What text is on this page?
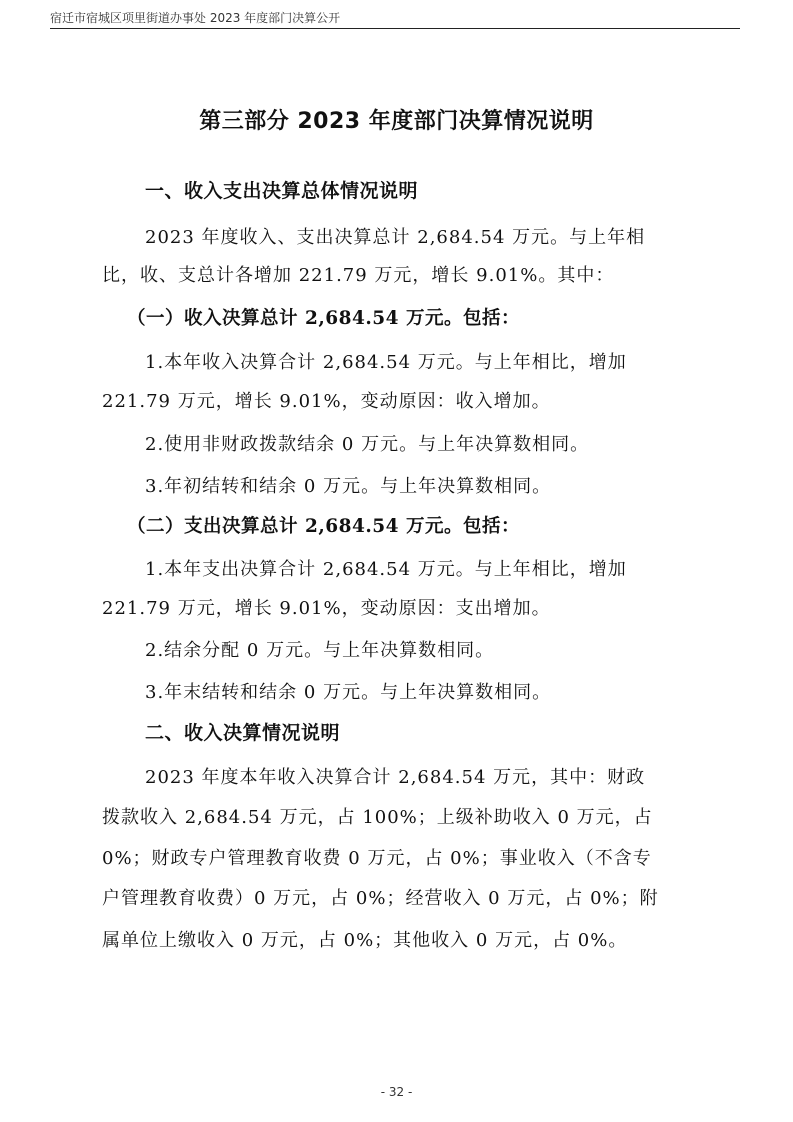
宿迁市宿城区项里街道办事处 2023 年度部门决算公开
第三部分 2023 年度部门决算情况说明

一、收入支出决算总体情况说明

2023 年度收入、支出决算总计 2,684.54 万元。与上年相

比，收、支总计各增加 221.79 万元，增长 9.01%。其中：

（一）收入决算总计 2,684.54 万元。包括：

1.本年收入决算合计 2,684.54 万元。与上年相比，增加

221.79 万元，增长 9.01%，变动原因：收入增加。

2.使用非财政拨款结余 0 万元。与上年决算数相同。

3.年初结转和结余 0 万元。与上年决算数相同。

（二）支出决算总计 2,684.54 万元。包括：

1.本年支出决算合计 2,684.54 万元。与上年相比，增加

221.79 万元，增长 9.01%，变动原因：支出增加。

2.结余分配 0 万元。与上年决算数相同。

3.年末结转和结余 0 万元。与上年决算数相同。

二、收入决算情况说明

2023 年度本年收入决算合计 2,684.54 万元，其中：财政

拨款收入 2,684.54 万元，占 100%；上级补助收入 0 万元，占

0%；财政专户管理教育收费 0 万元，占 0%；事业收入（不含专

户管理教育收费）0 万元，占 0%；经营收入 0 万元，占 0%；附

属单位上缴收入 0 万元，占 0%；其他收入 0 万元，占 0%。

- 32 -
